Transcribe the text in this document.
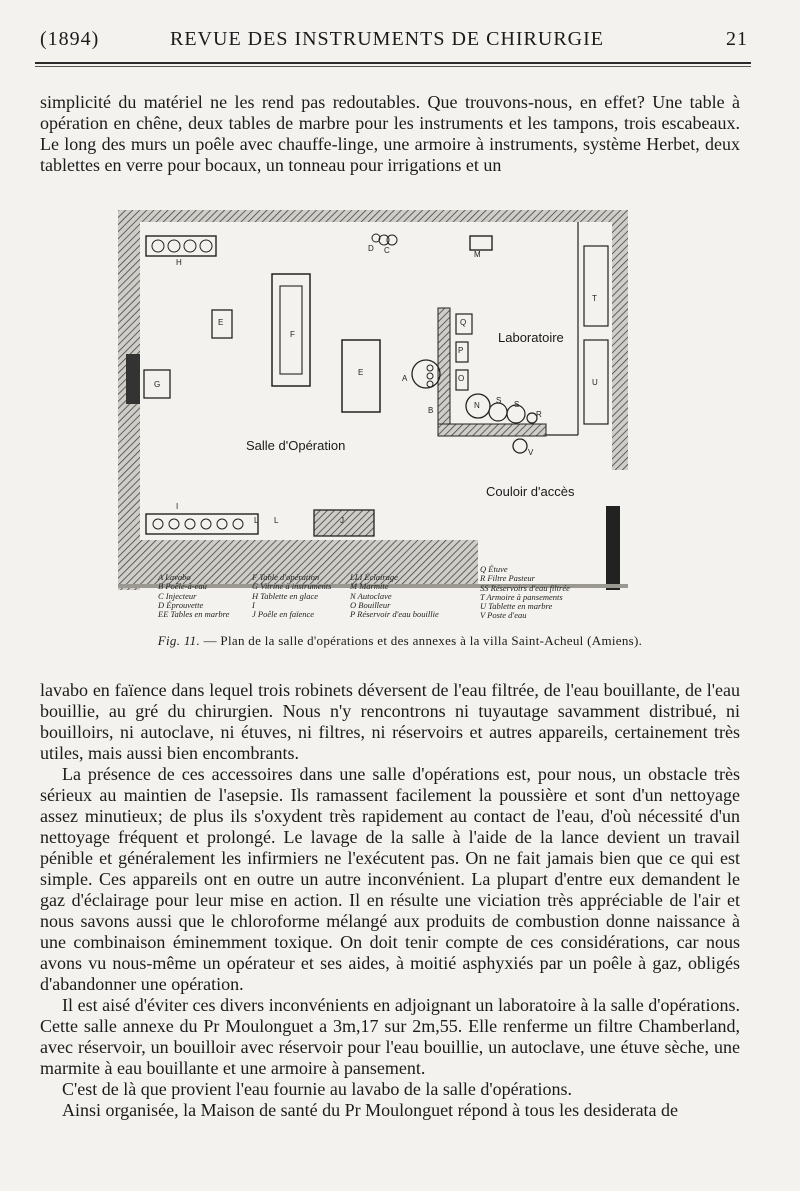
(1894)	REVUE DES INSTRUMENTS DE CHIRURGIE	21

simplicité du matériel ne les rend pas redoutables. Que trouvons-nous, en effet? Une table à opération en chêne, deux tables de marbre pour les instruments et les tampons, trois escabeaux. Le long des murs un poêle avec chauffe-linge, une armoire à instruments, système Herbet, deux tablettes en verre pour bocaux, un tonneau pour irrigations et un

H
D C	M
E
F
E
G
A
B
Q
P
O
N
S S
R
T
U
V
I
L L	J
Salle d'Opération
Laboratoire
Couloir d'accès
A Lavabo
B Poêle-à-eau
C Injecteur
D Éprouvette
EE Tables en marbre
F Table d'opération
G Vitrine à instruments
H Tablette en glace
I
J Poêle en faïence
LLI Éclairage
M Marmite
N Autoclave
O Bouilleur
P Réservoir d'eau bouillie
Q Étuve
R Filtre Pasteur
SS Réservoirs d'eau filtrée
T Armoire à pansements
U Tablette en marbre
V Poste d'eau
Fig. 11. — Plan de la salle d'opérations et des annexes à la villa Saint-Acheul (Amiens).

lavabo en faïence dans lequel trois robinets déversent de l'eau filtrée, de l'eau bouillante, de l'eau bouillie, au gré du chirurgien. Nous n'y rencontrons ni tuyautage savamment distribué, ni bouilloirs, ni autoclave, ni étuves, ni filtres, ni réservoirs et autres appareils, certainement très utiles, mais aussi bien encombrants.

La présence de ces accessoires dans une salle d'opérations est, pour nous, un obstacle très sérieux au maintien de l'asepsie. Ils ramassent facilement la poussière et sont d'un nettoyage assez minutieux; de plus ils s'oxydent très rapidement au contact de l'eau, d'où nécessité d'un nettoyage fréquent et prolongé. Le lavage de la salle à l'aide de la lance devient un travail pénible et généralement les infirmiers ne l'exécutent pas. On ne fait jamais bien que ce qui est simple. Ces appareils ont en outre un autre inconvénient. La plupart d'entre eux demandent le gaz d'éclairage pour leur mise en action. Il en résulte une viciation très appréciable de l'air et nous savons aussi que le chloroforme mélangé aux produits de combustion donne naissance à une combinaison éminemment toxique. On doit tenir compte de ces considérations, car nous avons vu nous-même un opérateur et ses aides, à moitié asphyxiés par un poêle à gaz, obligés d'abandonner une opération.

Il est aisé d'éviter ces divers inconvénients en adjoignant un laboratoire à la salle d'opérations. Cette salle annexe du Pr Moulonguet a 3m,17 sur 2m,55. Elle renferme un filtre Chamberland, avec réservoir, un bouilloir avec réservoir pour l'eau bouillie, un autoclave, une étuve sèche, une marmite à eau bouillante et une armoire à pansement.

C'est de là que provient l'eau fournie au lavabo de la salle d'opérations.

Ainsi organisée, la Maison de santé du Pr Moulonguet répond à tous les desiderata de
